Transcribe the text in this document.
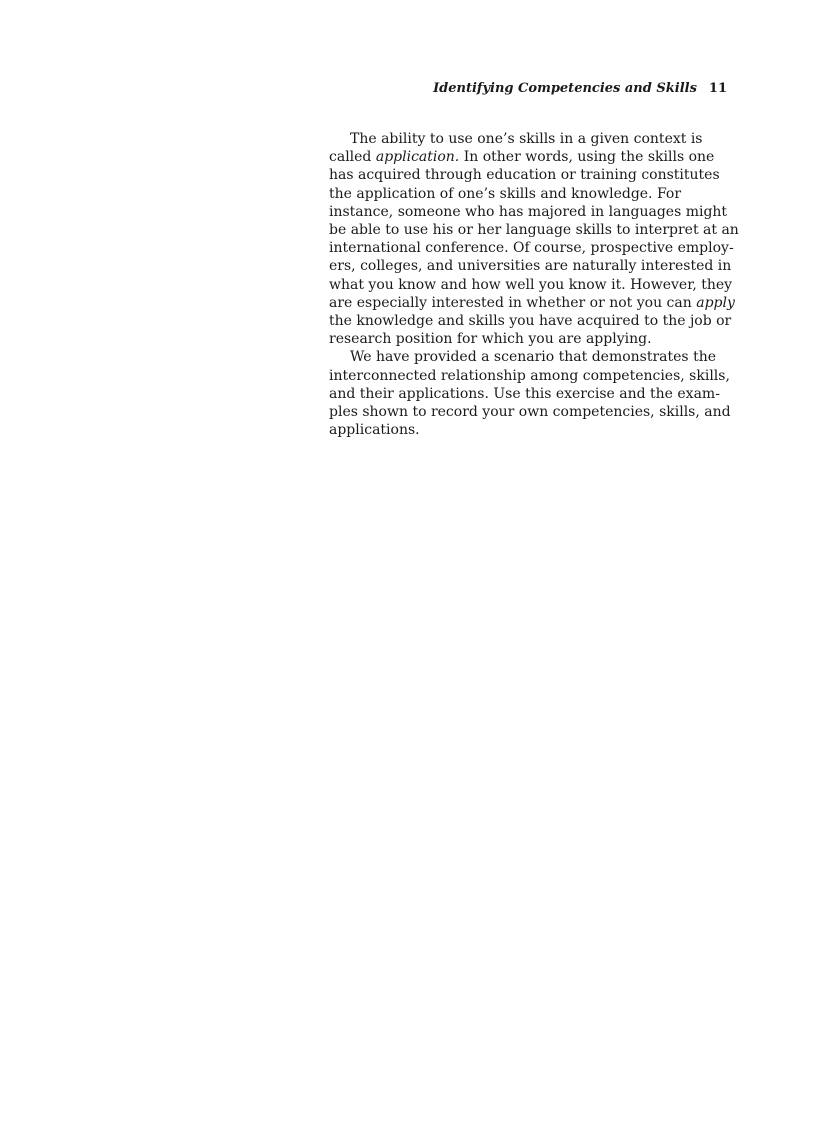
Identifying Competencies and Skills 11
The ability to use one’s skills in a given context is
called application. In other words, using the skills one
has acquired through education or training constitutes
the application of one’s skills and knowledge. For
instance, someone who has majored in languages might
be able to use his or her language skills to interpret at an
international conference. Of course, prospective employ-
ers, colleges, and universities are naturally interested in
what you know and how well you know it. However, they
are especially interested in whether or not you can apply
the knowledge and skills you have acquired to the job or
research position for which you are applying.
We have provided a scenario that demonstrates the
interconnected relationship among competencies, skills,
and their applications. Use this exercise and the exam-
ples shown to record your own competencies, skills, and
applications.
